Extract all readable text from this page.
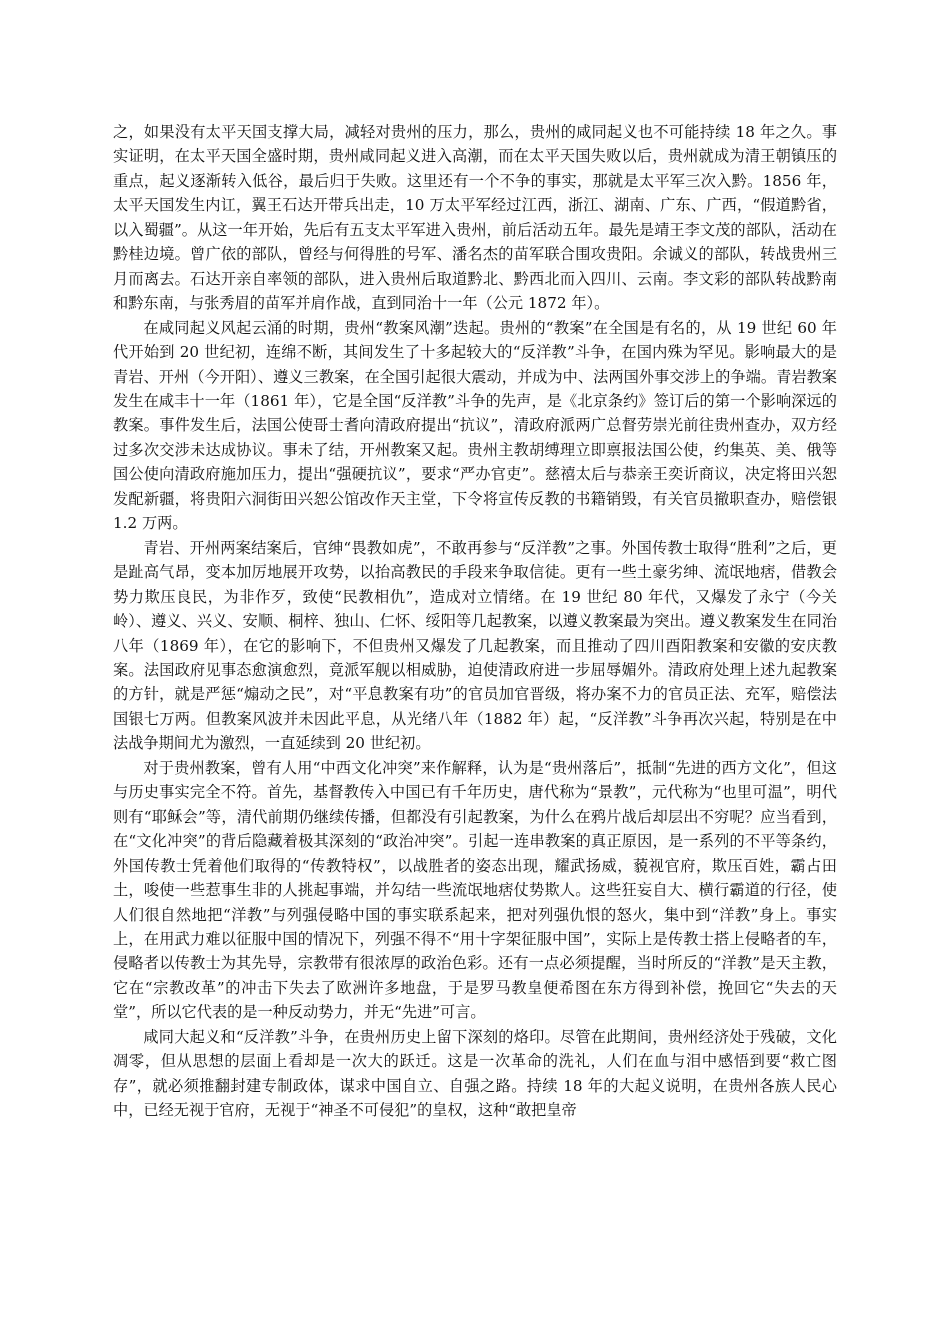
之，如果没有太平天国支撑大局，减轻对贵州的压力，那么，贵州的咸同起义也不可能持续 18 年之久。事实证明，在太平天国全盛时期，贵州咸同起义进入高潮，而在太平天国失败以后，贵州就成为清王朝镇压的重点，起义逐渐转入低谷，最后归于失败。这里还有一个不争的事实，那就是太平军三次入黔。1856 年，太平天国发生内讧，翼王石达开带兵出走，10 万太平军经过江西，浙江、湖南、广东、广西，“假道黔省，以入蜀疆”。从这一年开始，先后有五支太平军进入贵州，前后活动五年。最先是靖王李文茂的部队，活动在黔桂边境。曾广依的部队，曾经与何得胜的号军、潘名杰的苗军联合围攻贵阳。余诚义的部队，转战贵州三月而离去。石达开亲自率领的部队，进入贵州后取道黔北、黔西北而入四川、云南。李文彩的部队转战黔南和黔东南，与张秀眉的苗军并肩作战，直到同治十一年（公元 1872 年）。

在咸同起义风起云涌的时期，贵州“教案风潮”迭起。贵州的“教案”在全国是有名的，从 19 世纪 60 年代开始到 20 世纪初，连绵不断，其间发生了十多起较大的“反洋教”斗争，在国内殊为罕见。影响最大的是青岩、开州（今开阳）、遵义三教案，在全国引起很大震动，并成为中、法两国外事交涉上的争端。青岩教案发生在咸丰十一年（1861 年），它是全国“反洋教”斗争的先声，是《北京条约》签订后的第一个影响深远的教案。事件发生后，法国公使哥士耆向清政府提出“抗议”，清政府派两广总督劳崇光前往贵州查办，双方经过多次交涉未达成协议。事未了结，开州教案又起。贵州主教胡缚理立即禀报法国公使，约集英、美、俄等国公使向清政府施加压力，提出“强硬抗议”，要求“严办官吏”。慈禧太后与恭亲王奕䜣商议，决定将田兴恕发配新疆，将贵阳六洞街田兴恕公馆改作天主堂，下令将宣传反教的书籍销毁，有关官员撤职查办，赔偿银 1.2 万两。

青岩、开州两案结案后，官绅“畏教如虎”，不敢再参与“反洋教”之事。外国传教士取得“胜利”之后，更是趾高气昂，变本加厉地展开攻势，以抬高教民的手段来争取信徒。更有一些土豪劣绅、流氓地痞，借教会势力欺压良民，为非作歹，致使“民教相仇”，造成对立情绪。在 19 世纪 80 年代，又爆发了永宁（今关岭）、遵义、兴义、安顺、桐梓、独山、仁怀、绥阳等几起教案，以遵义教案最为突出。遵义教案发生在同治八年（1869 年），在它的影响下，不但贵州又爆发了几起教案，而且推动了四川酉阳教案和安徽的安庆教案。法国政府见事态愈演愈烈，竟派军舰以相威胁，迫使清政府进一步屈辱媚外。清政府处理上述九起教案的方针，就是严惩“煽动之民”，对“平息教案有功”的官员加官晋级，将办案不力的官员正法、充军，赔偿法国银七万两。但教案风波并未因此平息，从光绪八年（1882 年）起，“反洋教”斗争再次兴起，特别是在中法战争期间尤为激烈，一直延续到 20 世纪初。

对于贵州教案，曾有人用“中西文化冲突”来作解释，认为是“贵州落后”，抵制“先进的西方文化”，但这与历史事实完全不符。首先，基督教传入中国已有千年历史，唐代称为“景教”，元代称为“也里可温”，明代则有“耶稣会”等，清代前期仍继续传播，但都没有引起教案，为什么在鸦片战后却层出不穷呢？应当看到，在“文化冲突”的背后隐藏着极其深刻的“政治冲突”。引起一连串教案的真正原因，是一系列的不平等条约，外国传教士凭着他们取得的“传教特权”，以战胜者的姿态出现，耀武扬威，藐视官府，欺压百姓，霸占田土，唆使一些惹事生非的人挑起事端，并勾结一些流氓地痞仗势欺人。这些狂妄自大、横行霸道的行径，使人们很自然地把“洋教”与列强侵略中国的事实联系起来，把对列强仇恨的怒火，集中到“洋教”身上。事实上，在用武力难以征服中国的情况下，列强不得不“用十字架征服中国”，实际上是传教士搭上侵略者的车，侵略者以传教士为其先导，宗教带有很浓厚的政治色彩。还有一点必须提醒，当时所反的“洋教”是天主教，它在“宗教改革”的冲击下失去了欧洲许多地盘，于是罗马教皇便希图在东方得到补偿，挽回它“失去的天堂”，所以它代表的是一种反动势力，并无“先进”可言。

咸同大起义和“反洋教”斗争，在贵州历史上留下深刻的烙印。尽管在此期间，贵州经济处于残破，文化凋零，但从思想的层面上看却是一次大的跃迁。这是一次革命的洗礼，人们在血与泪中感悟到要“救亡图存”，就必须推翻封建专制政体，谋求中国自立、自强之路。持续 18 年的大起义说明，在贵州各族人民心中，已经无视于官府，无视于“神圣不可侵犯”的皇权，这种“敢把皇帝
